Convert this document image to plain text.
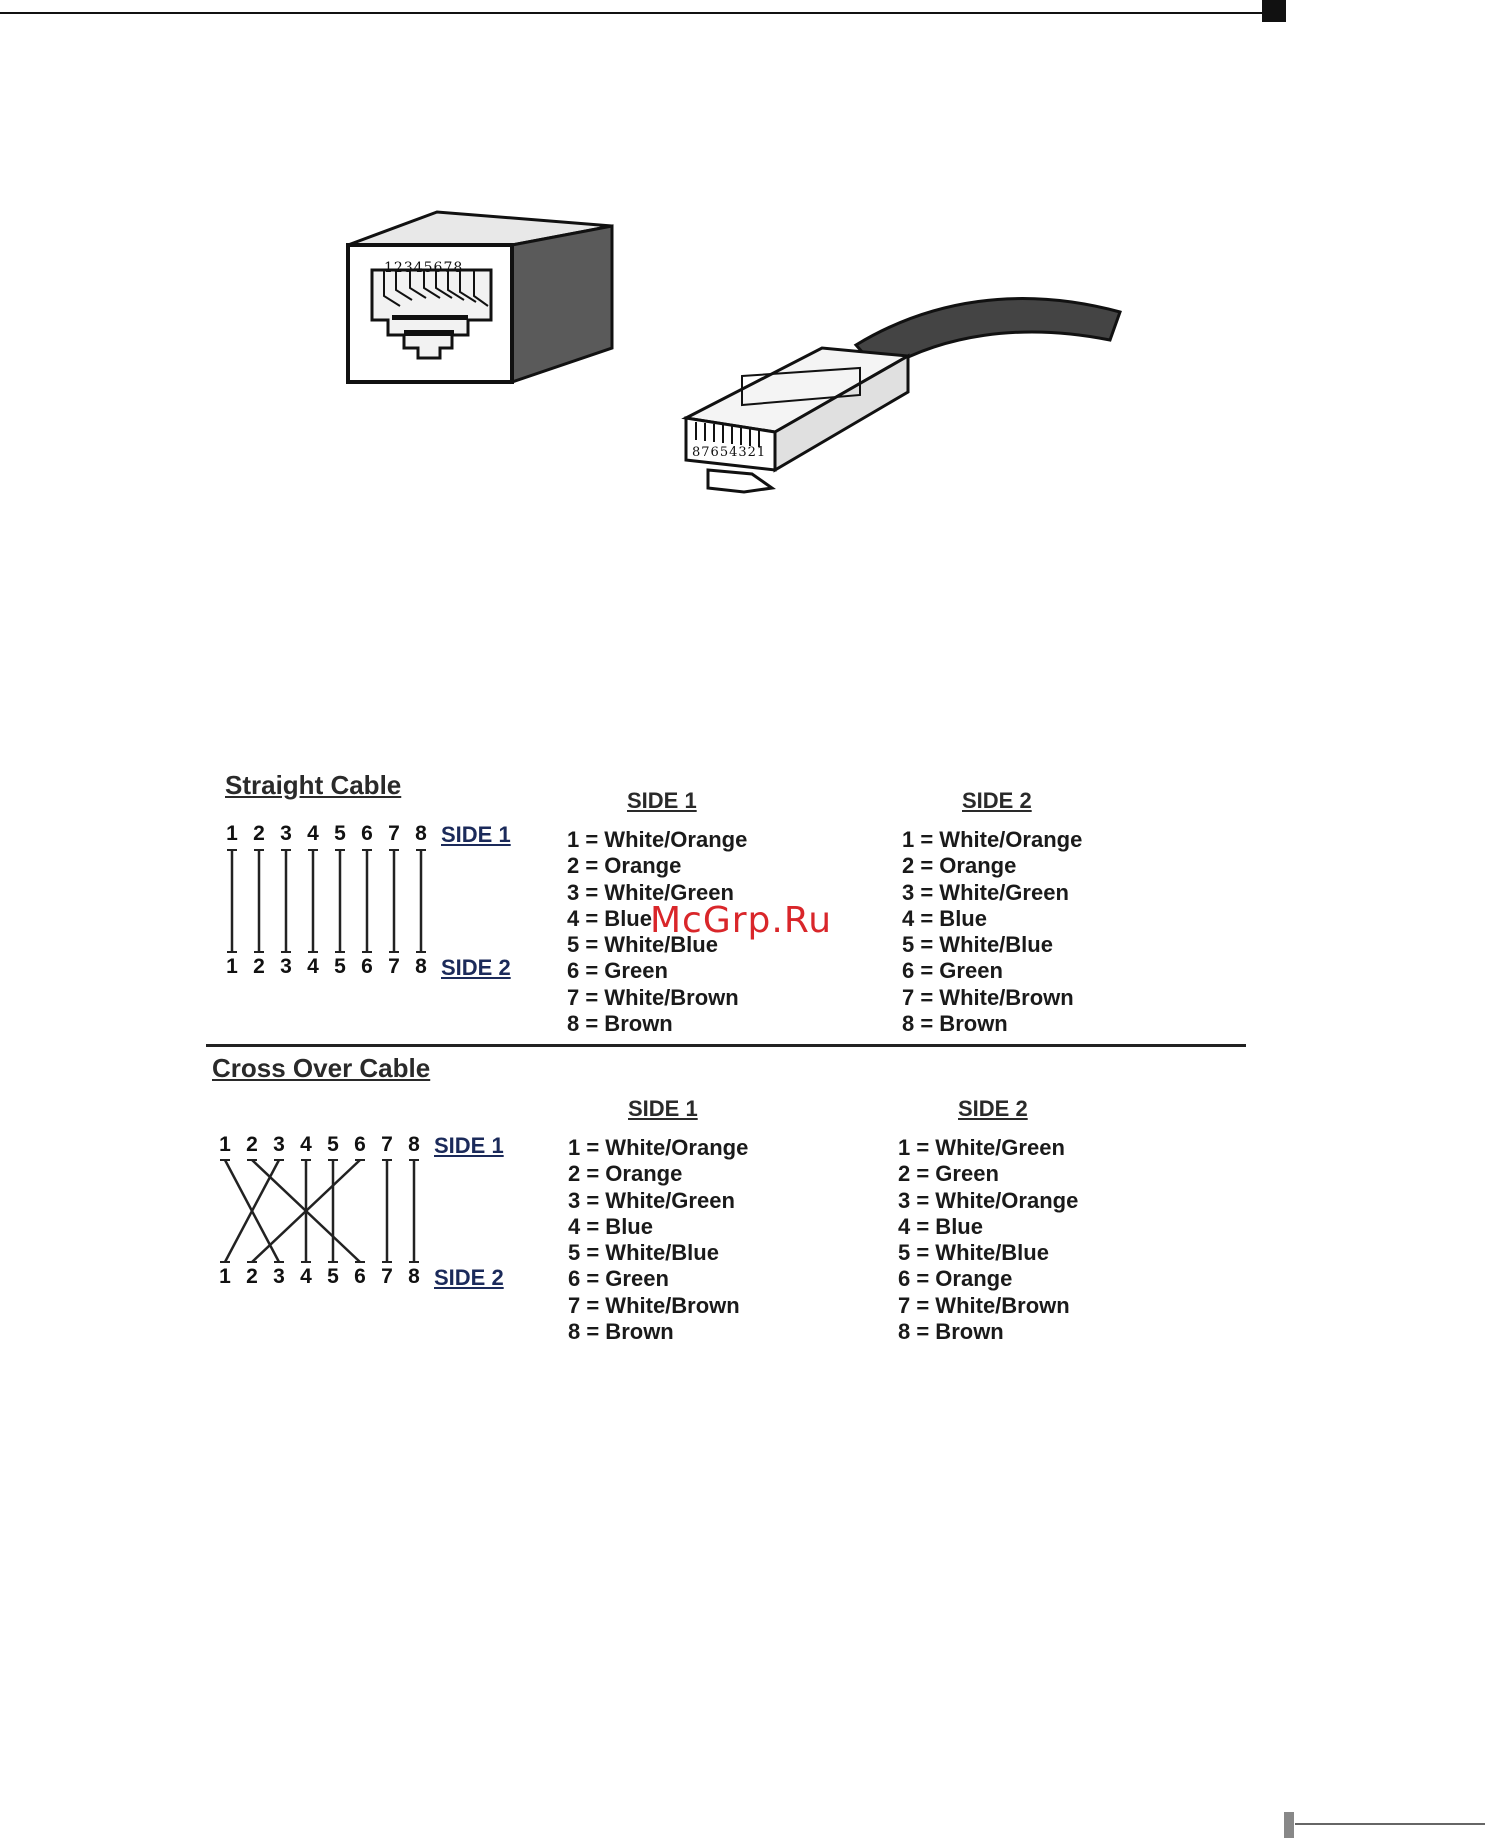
12345678
87654321
Straight Cable
SIDE 1	SIDE 2
1 2 3 4 5 6 7 8 SIDE 1
1 2 3 4 5 6 7 8 SIDE 2
1 = White/Orange
2 = Orange
3 = White/Green
4 = Blue
5 = White/Blue
6 = Green
7 = White/Brown
8 = Brown
1 = White/Orange
2 = Orange
3 = White/Green
4 = Blue
5 = White/Blue
6 = Green
7 = White/Brown
8 = Brown
Cross Over Cable
SIDE 1	SIDE 2
1 2 3 4 5 6 7 8 SIDE 1
1 2 3 4 5 6 7 8 SIDE 2
1 = White/Orange
2 = Orange
3 = White/Green
4 = Blue
5 = White/Blue
6 = Green
7 = White/Brown
8 = Brown
1 = White/Green
2 = Green
3 = White/Orange
4 = Blue
5 = White/Blue
6 = Orange
7 = White/Brown
8 = Brown
McGrp.Ru
